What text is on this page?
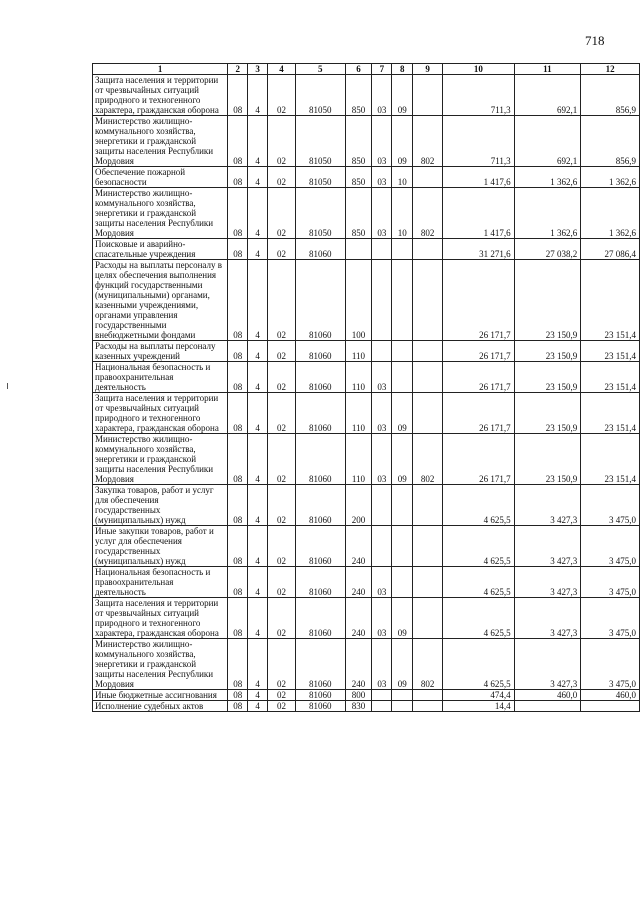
718
1	2	3	4	5	6	7	8	9	10	11	12
Защита населения и территории от чрезвычайных ситуаций природного и техногенного характера, гражданская оборона	08	4	02	81050	850	03	09		711,3	692,1	856,9
Министерство жилищно-коммунального хозяйства, энергетики и гражданской защиты населения Республики Мордовия	08	4	02	81050	850	03	09	802	711,3	692,1	856,9
Обеспечение пожарной безопасности	08	4	02	81050	850	03	10		1 417,6	1 362,6	1 362,6
Министерство жилищно-коммунального хозяйства, энергетики и гражданской защиты населения Республики Мордовия	08	4	02	81050	850	03	10	802	1 417,6	1 362,6	1 362,6
Поисковые и аварийно-спасательные учреждения	08	4	02	81060					31 271,6	27 038,2	27 086,4
Расходы на выплаты персоналу в целях обеспечения выполнения функций государственными (муниципальными) органами, казенными учреждениями, органами управления государственными внебюджетными фондами	08	4	02	81060	100				26 171,7	23 150,9	23 151,4
Расходы на выплаты персоналу казенных учреждений	08	4	02	81060	110				26 171,7	23 150,9	23 151,4
Национальная безопасность и правоохранительная деятельность	08	4	02	81060	110	03			26 171,7	23 150,9	23 151,4
Защита населения и территории от чрезвычайных ситуаций природного и техногенного характера, гражданская оборона	08	4	02	81060	110	03	09		26 171,7	23 150,9	23 151,4
Министерство жилищно-коммунального хозяйства, энергетики и гражданской защиты населения Республики Мордовия	08	4	02	81060	110	03	09	802	26 171,7	23 150,9	23 151,4
Закупка товаров, работ и услуг для обеспечения государственных (муниципальных) нужд	08	4	02	81060	200				4 625,5	3 427,3	3 475,0
Иные закупки товаров, работ и услуг для обеспечения государственных (муниципальных) нужд	08	4	02	81060	240				4 625,5	3 427,3	3 475,0
Национальная безопасность и правоохранительная деятельность	08	4	02	81060	240	03			4 625,5	3 427,3	3 475,0
Защита населения и территории от чрезвычайных ситуаций природного и техногенного характера, гражданская оборона	08	4	02	81060	240	03	09		4 625,5	3 427,3	3 475,0
Министерство жилищно-коммунального хозяйства, энергетики и гражданской защиты населения Республики Мордовия	08	4	02	81060	240	03	09	802	4 625,5	3 427,3	3 475,0
Иные бюджетные ассигнования	08	4	02	81060	800				474,4	460,0	460,0
Исполнение судебных актов	08	4	02	81060	830				14,4		
